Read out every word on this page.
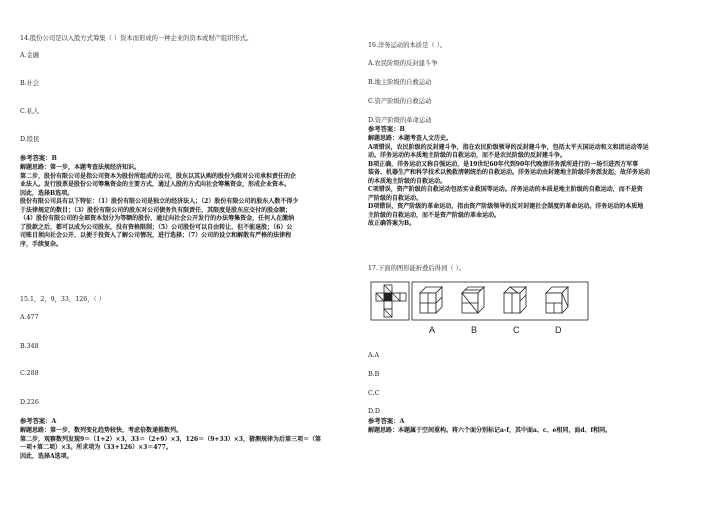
14.股份公司是以入股方式筹集（ ）资本而形成的一种企业的资本或财产组织形式。

A.金融

B.社会

C.私人

D.股民

参考答案：B

解题思路：第一步，本题考查法规经济知识。

第二步，股份有限公司是指公司资本为股份所组成的公司，股东以其认购的股份为限对公司承担责任的企

业法人。发行股票是股份公司筹集资金的主要方式，通过入股的方式向社会筹集资金，形成企业资本。

因此，选择B选项。

股份有限公司具有以下特征：（1）股份有限公司是独立的经济法人；（2）股份有限公司的股东人数不得少

于法律规定的数目；（3）股份有限公司的股东对公司债务负有限责任，其限度是股东应交付的股金额；

（4）股份有限公司的全部资本划分为等额的股份，通过向社会公开发行的办法筹集资金，任何人在缴纳

了股款之后，都可以成为公司股东，没有资格限制；（5）公司股份可以自由转让，但不能退股；（6）公

司账目须向社会公开，以便于投资人了解公司情况，进行选择；（7）公司的设立和解散有严格的法律程

序，手续复杂。

15.1，2，9，33，126，（ ）

A.477

B.348

C.288

D.226

参考答案：A

解题思路：第一步，数列变化趋势较快，考虑倍数递推数列。

第二步，观察数列发现9＝（1+2）×3，33＝（2+9）×3，126＝（9+33）×3，猜测规律为后第三项＝（第

一项+第二项）×3。所求项为（33+126）×3＝477。

因此，选择A选项。

16.洋务运动的本质是（ ）。

A.农民阶级的反封建斗争

B.地主阶级的自救运动

C.资产阶级的自救运动

D.资产阶级的革命运动

参考答案：B

解题思路：本题考查人文历史。

A项错误，农民阶级的反封建斗争，指在农民阶级领导的反封建斗争，包括太平天国运动和义和团运动等运

动。洋务运动的本质地主阶级的自救运动，而不是农民阶级的反封建斗争。

B项正确，洋务运动又称自强运动，是19世纪60年代到90年代晚清洋务派所进行的一场引进西方军事

装备、机器生产和科学技术以挽救清朝统治的自救运动。洋务运动由封建地主阶级洋务派发起，故洋务运动

的本质地主阶级的自救运动。

C项错误，资产阶级的自救运动包括实业救国等运动。洋务运动的本质是地主阶级的自救运动，而不是资

产阶级的自救运动。

D项错误，资产阶级的革命运动，指由资产阶级领导的反对封建社会制度的革命运动。洋务运动的本质地

主阶级的自救运动，而不是资产阶级的革命运动。

故正确答案为B。

17.下面的图形能折叠后得到（ ）。

A	B	C	D

A.A

B.B

C.C

D.D

参考答案：A

解题思路：本题属于空间重构。将六个面分别标记a-f，其中面a、c、e相同，面d、f相同。
